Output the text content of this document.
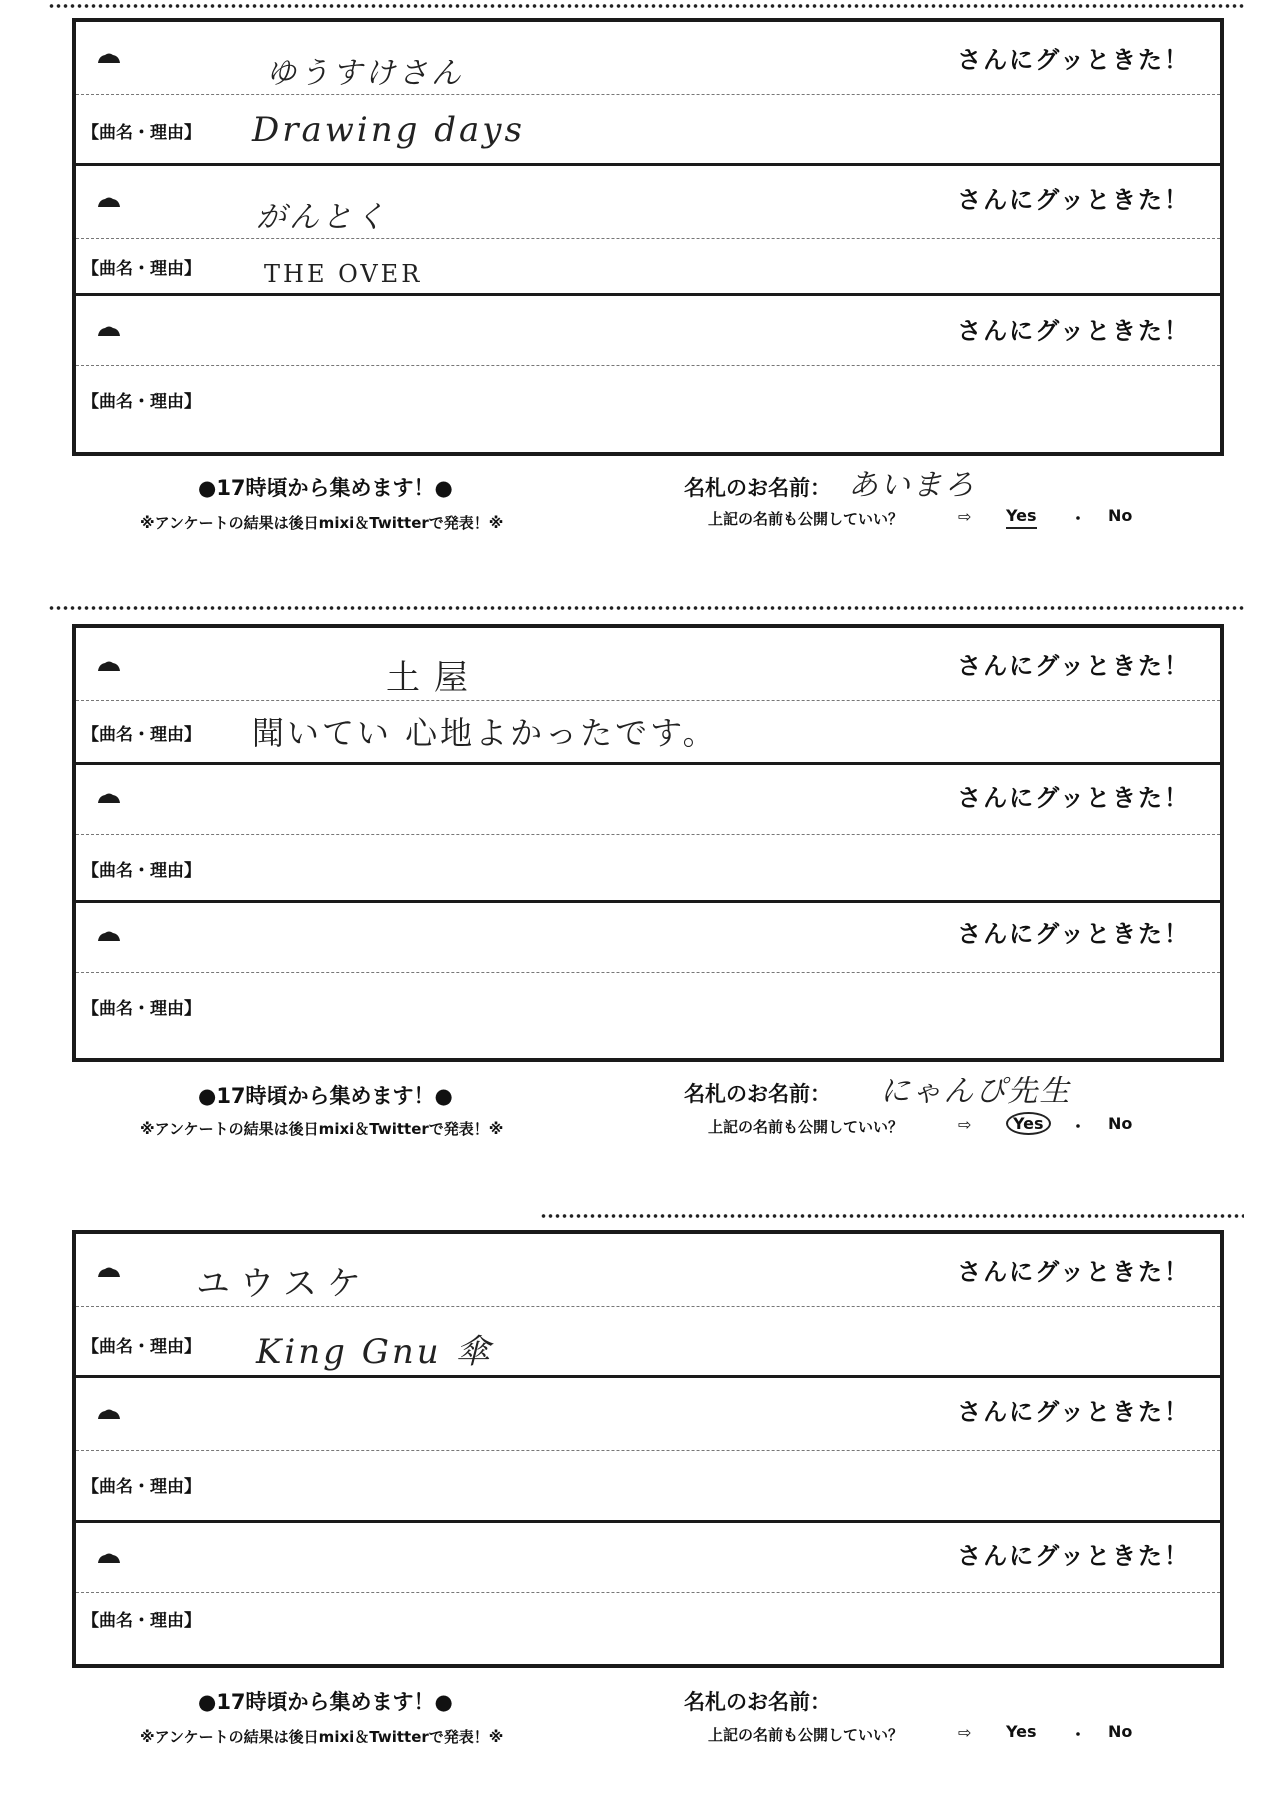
ゆうすけさん	さんにグッときた！
【曲名・理由】 Drawing days
がんとく	さんにグッときた！
【曲名・理由】	THE OVER
さんにグッときた！
【曲名・理由】
●17時頃から集めます！●
※アンケートの結果は後日mixi＆Twitterで発表！※
名札のお名前： あいまろ
上記の名前も公開していい？	⇨ Yes ・ No
土屋	さんにグッときた！
【曲名・理由】 聞いてい 心地よかったです。
さんにグッときた！
【曲名・理由】
さんにグッときた！
【曲名・理由】
●17時頃から集めます！●
※アンケートの結果は後日mixi＆Twitterで発表！※
名札のお名前： にゃんぴ先生
上記の名前も公開していい？	⇨	Yes	・ No
ユウスケ	さんにグッときた！
【曲名・理由】 King Gnu 傘
さんにグッときた！
【曲名・理由】
さんにグッときた！
【曲名・理由】
●17時頃から集めます！●
※アンケートの結果は後日mixi＆Twitterで発表！※
名札のお名前：
上記の名前も公開していい？	⇨ Yes ・ No
